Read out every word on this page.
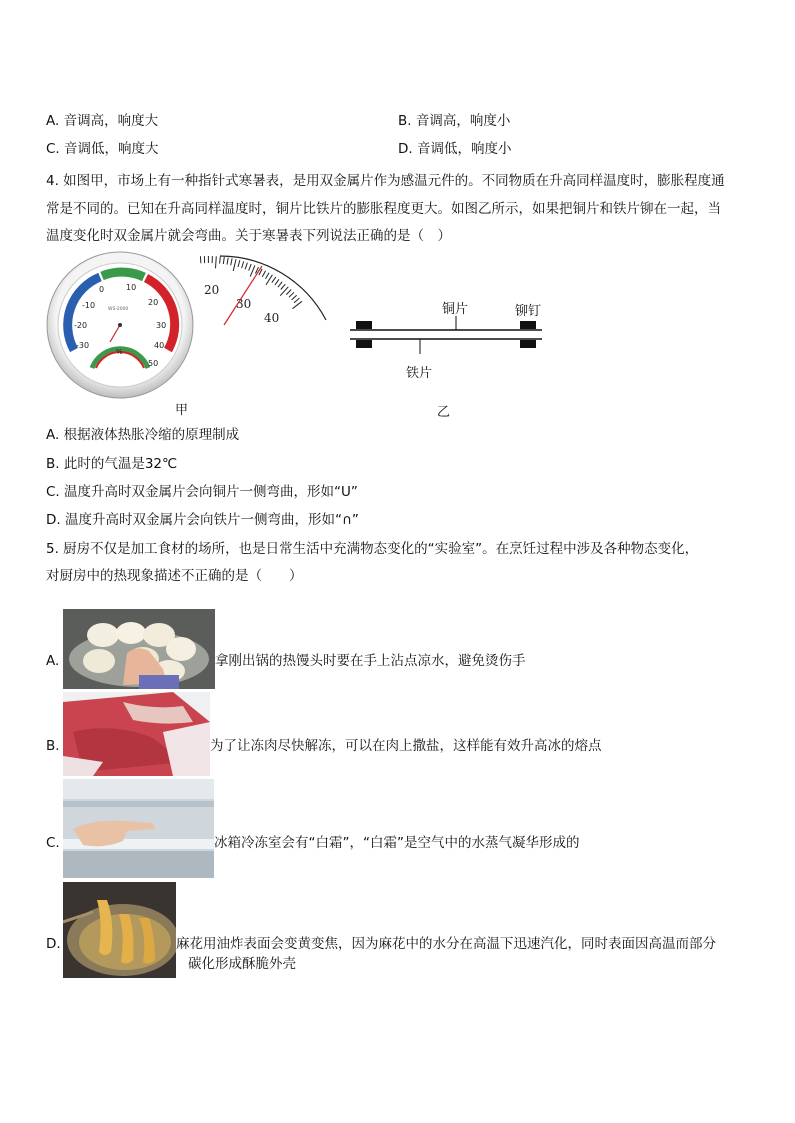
A. 音调高，响度大	B. 音调高，响度小
C. 音调低，响度大	D. 音调低，响度小
4. 如图甲，市场上有一种指针式寒暑表，是用双金属片作为感温元件的。不同物质在升高同样温度时，膨胀程度通
常是不同的。已知在升高同样温度时，铜片比铁片的膨胀程度更大。如图乙所示，如果把铜片和铁片铆在一起，当
温度变化时双金属片就会弯曲。关于寒暑表下列说法正确的是（　）
-10
0	10
20
-20	30
-30	40
50
%
WS-2000
20
30
40
铜片	铆钉
铁片
甲	乙
A. 根据液体热胀冷缩的原理制成
B. 此时的气温是32℃
C. 温度升高时双金属片会向铜片一侧弯曲，形如“U”
D. 温度升高时双金属片会向铁片一侧弯曲，形如“∩”
5. 厨房不仅是加工食材的场所，也是日常生活中充满物态变化的“实验室”。在烹饪过程中涉及各种物态变化，
对厨房中的热现象描述不正确的是（　　）
A.	拿刚出锅的热馒头时要在手上沾点凉水，避免烫伤手
B.	为了让冻肉尽快解冻，可以在肉上撒盐，这样能有效升高冰的熔点
C.	冰箱冷冻室会有“白霜”，“白霜”是空气中的水蒸气凝华形成的
D.	麻花用油炸表面会变黄变焦，因为麻花中的水分在高温下迅速汽化，同时表面因高温而部分
碳化形成酥脆外壳
